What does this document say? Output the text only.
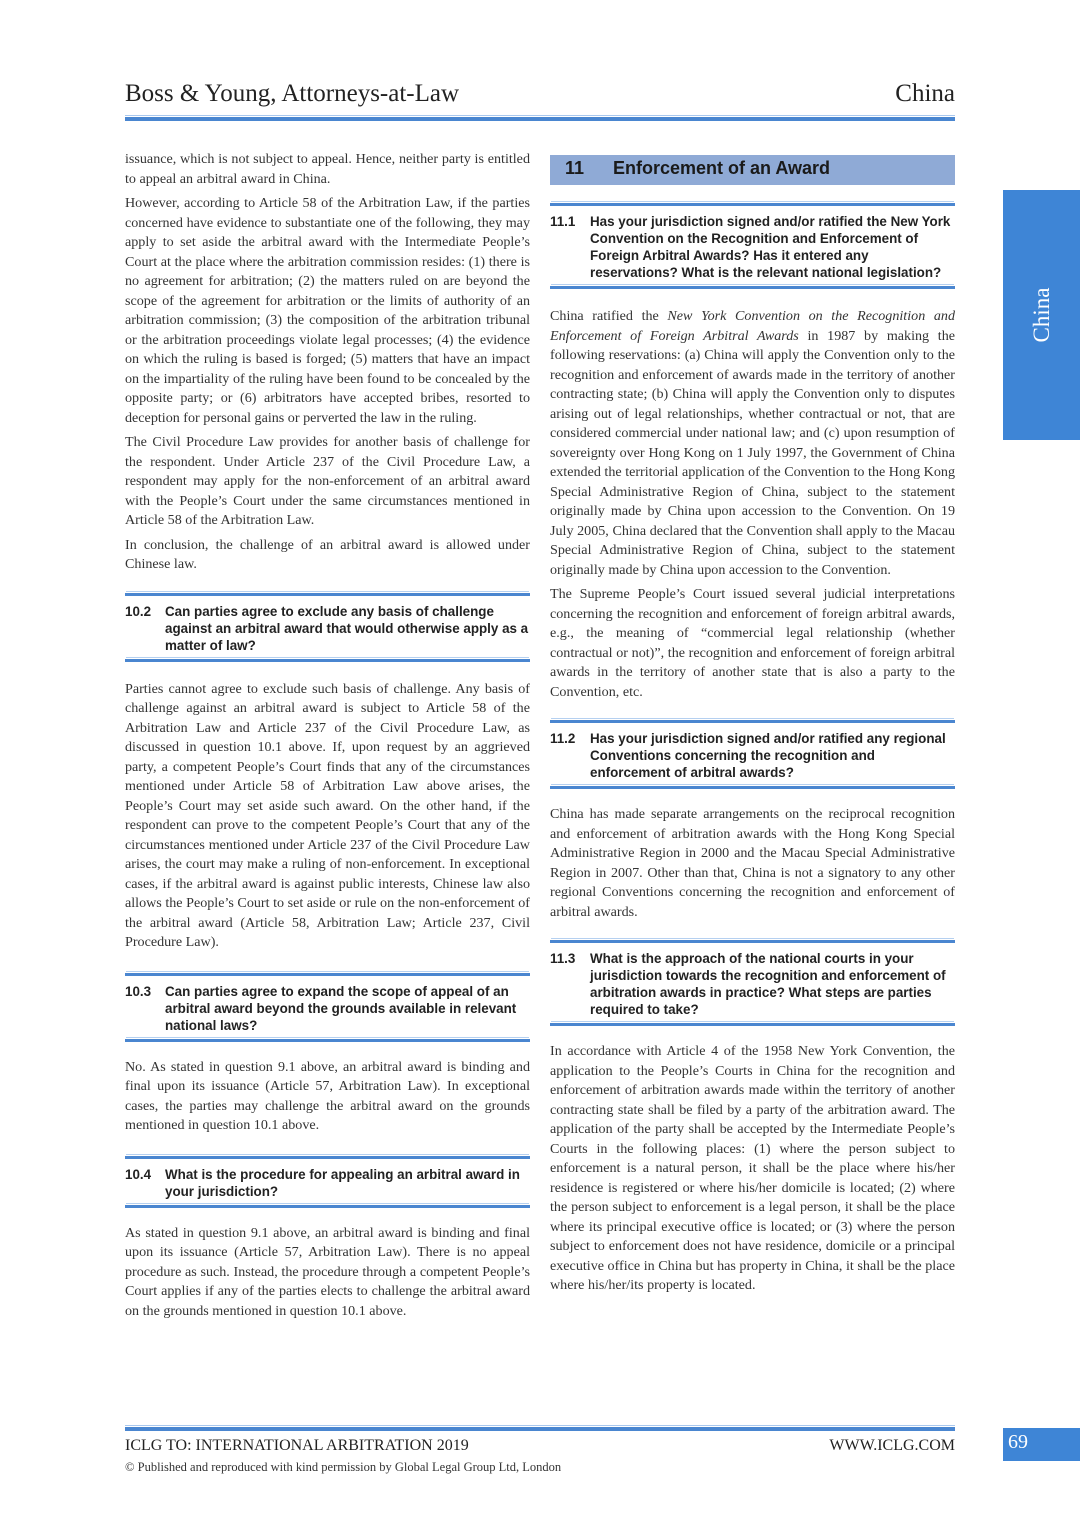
Boss & Young, Attorneys-at-Law	China
China

issuance, which is not subject to appeal. Hence, neither party is entitled to appeal an arbitral award in China.

However, according to Article 58 of the Arbitration Law, if the parties concerned have evidence to substantiate one of the following, they may apply to set aside the arbitral award with the Intermediate People’s Court at the place where the arbitration commission resides: (1) there is no agreement for arbitration; (2) the matters ruled on are beyond the scope of the agreement for arbitration or the limits of authority of an arbitration commission; (3) the composition of the arbitration tribunal or the arbitration proceedings violate legal processes; (4) the evidence on which the ruling is based is forged; (5) matters that have an impact on the impartiality of the ruling have been found to be concealed by the opposite party; or (6) arbitrators have accepted bribes, resorted to deception for personal gains or perverted the law in the ruling.

The Civil Procedure Law provides for another basis of challenge for the respondent. Under Article 237 of the Civil Procedure Law, a respondent may apply for the non-enforcement of an arbitral award with the People’s Court under the same circumstances mentioned in Article 58 of the Arbitration Law.

In conclusion, the challenge of an arbitral award is allowed under Chinese law.

10.2	Can parties agree to exclude any basis of challenge against an arbitral award that would otherwise apply as a matter of law?

Parties cannot agree to exclude such basis of challenge. Any basis of challenge against an arbitral award is subject to Article 58 of the Arbitration Law and Article 237 of the Civil Procedure Law, as discussed in question 10.1 above. If, upon request by an aggrieved party, a competent People’s Court finds that any of the circumstances mentioned under Article 58 of Arbitration Law above arises, the People’s Court may set aside such award. On the other hand, if the respondent can prove to the competent People’s Court that any of the circumstances mentioned under Article 237 of the Civil Procedure Law arises, the court may make a ruling of non-enforcement. In exceptional cases, if the arbitral award is against public interests, Chinese law also allows the People’s Court to set aside or rule on the non-enforcement of the arbitral award (Article 58, Arbitration Law; Article 237, Civil Procedure Law).

10.3	Can parties agree to expand the scope of appeal of an arbitral award beyond the grounds available in relevant national laws?

No. As stated in question 9.1 above, an arbitral award is binding and final upon its issuance (Article 57, Arbitration Law). In exceptional cases, the parties may challenge the arbitral award on the grounds mentioned in question 10.1 above.

10.4	What is the procedure for appealing an arbitral award in your jurisdiction?

As stated in question 9.1 above, an arbitral award is binding and final upon its issuance (Article 57, Arbitration Law). There is no appeal procedure as such. Instead, the procedure through a competent People’s Court applies if any of the parties elects to challenge the arbitral award on the grounds mentioned in question 10.1 above.

11 Enforcement of an Award
11.1	Has your jurisdiction signed and/or ratified the New York Convention on the Recognition and Enforcement of Foreign Arbitral Awards? Has it entered any reservations? What is the relevant national legislation?

China ratified the New York Convention on the Recognition and Enforcement of Foreign Arbitral Awards in 1987 by making the following reservations: (a) China will apply the Convention only to the recognition and enforcement of awards made in the territory of another contracting state; (b) China will apply the Convention only to disputes arising out of legal relationships, whether contractual or not, that are considered commercial under national law; and (c) upon resumption of sovereignty over Hong Kong on 1 July 1997, the Government of China extended the territorial application of the Convention to the Hong Kong Special Administrative Region of China, subject to the statement originally made by China upon accession to the Convention. On 19 July 2005, China declared that the Convention shall apply to the Macau Special Administrative Region of China, subject to the statement originally made by China upon accession to the Convention.

The Supreme People’s Court issued several judicial interpretations concerning the recognition and enforcement of foreign arbitral awards, e.g., the meaning of “commercial legal relationship (whether contractual or not)”, the recognition and enforcement of foreign arbitral awards in the territory of another state that is also a party to the Convention, etc.

11.2	Has your jurisdiction signed and/or ratified any regional Conventions concerning the recognition and enforcement of arbitral awards?

China has made separate arrangements on the reciprocal recognition and enforcement of arbitration awards with the Hong Kong Special Administrative Region in 2000 and the Macau Special Administrative Region in 2007. Other than that, China is not a signatory to any other regional Conventions concerning the recognition and enforcement of arbitral awards.

11.3	What is the approach of the national courts in your jurisdiction towards the recognition and enforcement of arbitration awards in practice? What steps are parties required to take?

In accordance with Article 4 of the 1958 New York Convention, the application to the People’s Courts in China for the recognition and enforcement of arbitration awards made within the territory of another contracting state shall be filed by a party of the arbitration award. The application of the party shall be accepted by the Intermediate People’s Courts in the following places: (1) where the person subject to enforcement is a natural person, it shall be the place where his/her residence is registered or where his/her domicile is located; (2) where the person subject to enforcement is a legal person, it shall be the place where its principal executive office is located; or (3) where the person subject to enforcement does not have residence, domicile or a principal executive office in China but has property in China, it shall be the place where his/her/its property is located.

ICLG TO: INTERNATIONAL ARBITRATION 2019	WWW.ICLG.COM
© Published and reproduced with kind permission by Global Legal Group Ltd, London
69
